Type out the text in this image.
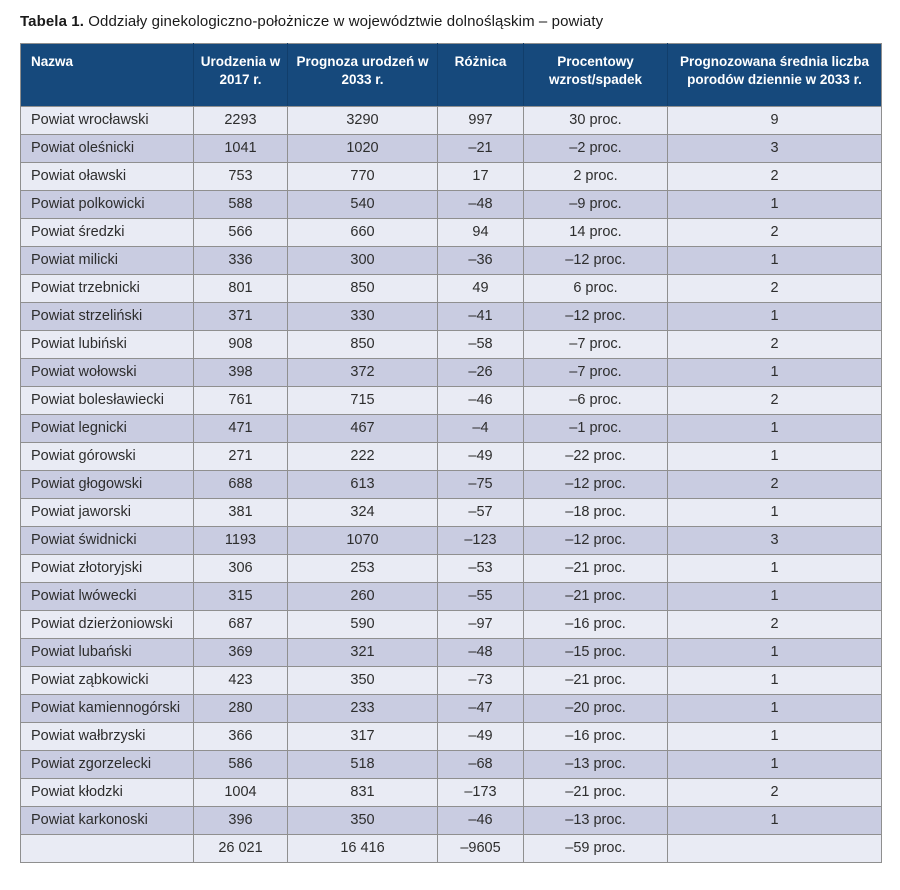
Tabela 1. Oddziały ginekologiczno-położnicze w województwie dolnośląskim – powiaty
Nazwa	Urodzenia w 2017 r.	Prognoza urodzeń w 2033 r.	Różnica	Procentowy wzrost/spadek	Prognozowana średnia liczba porodów dziennie w 2033 r.
Powiat wrocławski	2293	3290	997	30 proc.	9
Powiat oleśnicki	1041	1020	–21	–2 proc.	3
Powiat oławski	753	770	17	2 proc.	2
Powiat polkowicki	588	540	–48	–9 proc.	1
Powiat średzki	566	660	94	14 proc.	2
Powiat milicki	336	300	–36	–12 proc.	1
Powiat trzebnicki	801	850	49	6 proc.	2
Powiat strzeliński	371	330	–41	–12 proc.	1
Powiat lubiński	908	850	–58	–7 proc.	2
Powiat wołowski	398	372	–26	–7 proc.	1
Powiat bolesławiecki	761	715	–46	–6 proc.	2
Powiat legnicki	471	467	–4	–1 proc.	1
Powiat górowski	271	222	–49	–22 proc.	1
Powiat głogowski	688	613	–75	–12 proc.	2
Powiat jaworski	381	324	–57	–18 proc.	1
Powiat świdnicki	1193	1070	–123	–12 proc.	3
Powiat złotoryjski	306	253	–53	–21 proc.	1
Powiat lwówecki	315	260	–55	–21 proc.	1
Powiat dzierżoniowski	687	590	–97	–16 proc.	2
Powiat lubański	369	321	–48	–15 proc.	1
Powiat ząbkowicki	423	350	–73	–21 proc.	1
Powiat kamiennogórski	280	233	–47	–20 proc.	1
Powiat wałbrzyski	366	317	–49	–16 proc.	1
Powiat zgorzelecki	586	518	–68	–13 proc.	1
Powiat kłodzki	1004	831	–173	–21 proc.	2
Powiat karkonoski	396	350	–46	–13 proc.	1
	26 021	16 416	–9605	–59 proc.	
